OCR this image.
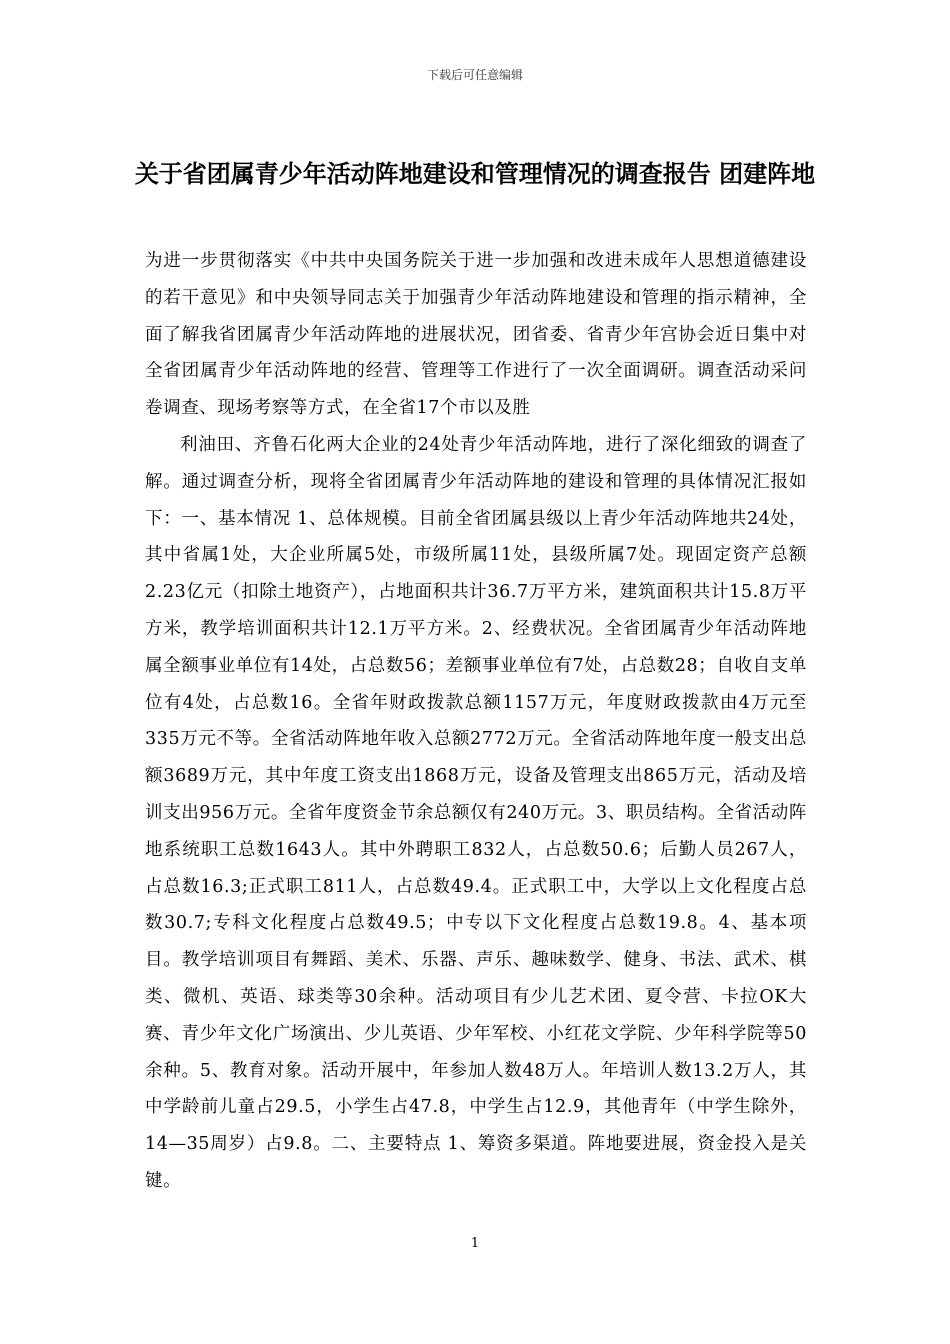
下载后可任意编辑
关于省团属青少年活动阵地建设和管理情况的调查报告 团建阵地

为进一步贯彻落实《中共中央国务院关于进一步加强和改进未成年人思想道德建设的若干意见》和中央领导同志关于加强青少年活动阵地建设和管理的指示精神，全面了解我省团属青少年活动阵地的进展状况，团省委、省青少年宫协会近日集中对全省团属青少年活动阵地的经营、管理等工作进行了一次全面调研。调查活动采问卷调查、现场考察等方式，在全省17个市以及胜

利油田、齐鲁石化两大企业的24处青少年活动阵地，进行了深化细致的调查了解。通过调查分析，现将全省团属青少年活动阵地的建设和管理的具体情况汇报如下：一、基本情况 1、总体规模。目前全省团属县级以上青少年活动阵地共24处，其中省属1处，大企业所属5处，市级所属11处，县级所属7处。现固定资产总额2.23亿元（扣除土地资产），占地面积共计36.7万平方米，建筑面积共计15.8万平方米，教学培训面积共计12.1万平方米。2、经费状况。全省团属青少年活动阵地属全额事业单位有14处，占总数56；差额事业单位有7处，占总数28；自收自支单位有4处，占总数16。全省年财政拨款总额1157万元，年度财政拨款由4万元至335万元不等。全省活动阵地年收入总额2772万元。全省活动阵地年度一般支出总额3689万元，其中年度工资支出1868万元，设备及管理支出865万元，活动及培训支出956万元。全省年度资金节余总额仅有240万元。3、职员结构。全省活动阵地系统职工总数1643人。其中外聘职工832人，占总数50.6；后勤人员267人，占总数16.3;正式职工811人，占总数49.4。正式职工中，大学以上文化程度占总数30.7;专科文化程度占总数49.5；中专以下文化程度占总数19.8。4、基本项目。教学培训项目有舞蹈、美术、乐器、声乐、趣味数学、健身、书法、武术、棋类、微机、英语、球类等30余种。活动项目有少儿艺术团、夏令营、卡拉OK大赛、青少年文化广场演出、少儿英语、少年军校、小红花文学院、少年科学院等50余种。5、教育对象。活动开展中，年参加人数48万人。年培训人数13.2万人，其中学龄前儿童占29.5，小学生占47.8，中学生占12.9，其他青年（中学生除外，14—35周岁）占9.8。二、主要特点 1、筹资多渠道。阵地要进展，资金投入是关键。

1
